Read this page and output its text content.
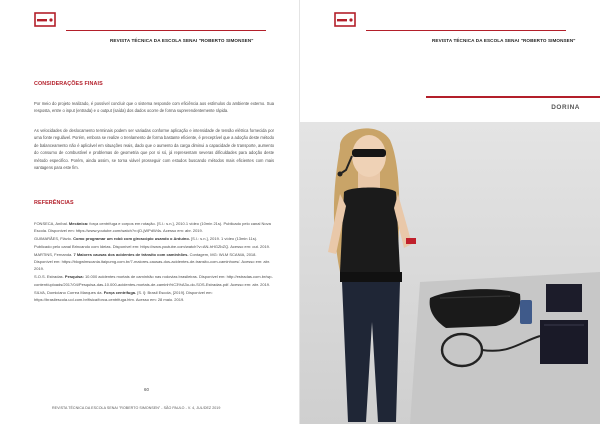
REVISTA TÉCNICA DA ESCOLA SENAI "ROBERTO SIMONSEN"
CONSIDERAÇÕES FINAIS
Por meio do projeto realizado, é possível concluir que o sistema responde com eficiência aos estímulos do ambiente externo. Sua resposta, entre o input (entrada) e o output (saída) dos dados ocorre de forma suprerendentemente rápida.
As velocidades de deslocamento terminais podem ser variadas conforme aplicação e intensidade de tensão elétrica fornecida por uma fonte regulável. Porém, embora se realize o trenlamento de forma bastante eficiente, é preceptível que a adoção deste método de balanceamento não é aplicável em situações reais, dado que o aumento da carga diminui a capacidade de transporte, aumento do consumo de combustível e problemas de geometria que por si só, já representam severas dificuldades para adoção deste método especifico. Porém, ainda assim, se torna viável prosseguir com estudos buscando métodos mais eficientes com mais vantagens para este fim.
REFERÊNCIAS
FONSECA, Aníbal. Mecânica: força centrífuga e corpos em rotação. [S.l.: s.n.], 2010.1 vídeo (10min 21s). Publicado pelo canal Nova Escola. Disponível em: https://www.youtube.com/watch?v=jD-jWPdW4s. Acesso em: abr. 2019.
GUIMARÃES, Flávio. Como programar um robô com giroscópio usando o Arduino. [S.l.: s.n.], 2019. 1 vídeo (13min 11s). Publicado pelo canal Brincando com Ideias. Disponível em: https://www.youtube.com/watch?v=AN-hHGZbZQ. Acesso em: out. 2019.
MARTINS, Fernanda. 7 Maiores causas dos acidentes de trânsito com caminhões. Contagem, MG: WLM SCANIA, 2018. Disponível em: https://blogwlmscania.itaipumg.com.br/7-maiores-causas-dos-acidentes-de-transito-com-caminhoes/. Acesso em: abr. 2019.
S.O.S. Estradas. Pesquisa: 10.000 acidentes mortais de caminhão nas rodovias brasileiras. Disponível em: http://estradas.com.br/wp-content/uploads/2017/04/Pesquisa-das-10.000-acidentes-mortais-de-caminh%C3%A3o-do-SOS-Estradas.pdf. Acesso em: abr. 2019.
SILVA, Domiciano Correa Marques da. Força centrífuga. [S. l]: Brasil Escola, [2019]. Disponível em: https://brasilescola.uol.com.br/fisica/forca-centrifuga.htm. Acesso em: 28 maio. 2019.
60
REVISTA TÉCNICA DA ESCOLA SENAI "ROBERTO SIMONSEN" - SÃO PAULO - V. 4, JUL/DEZ 2019
REVISTA TÉCNICA DA ESCOLA SENAI "ROBERTO SIMONSEN"
DORINA
